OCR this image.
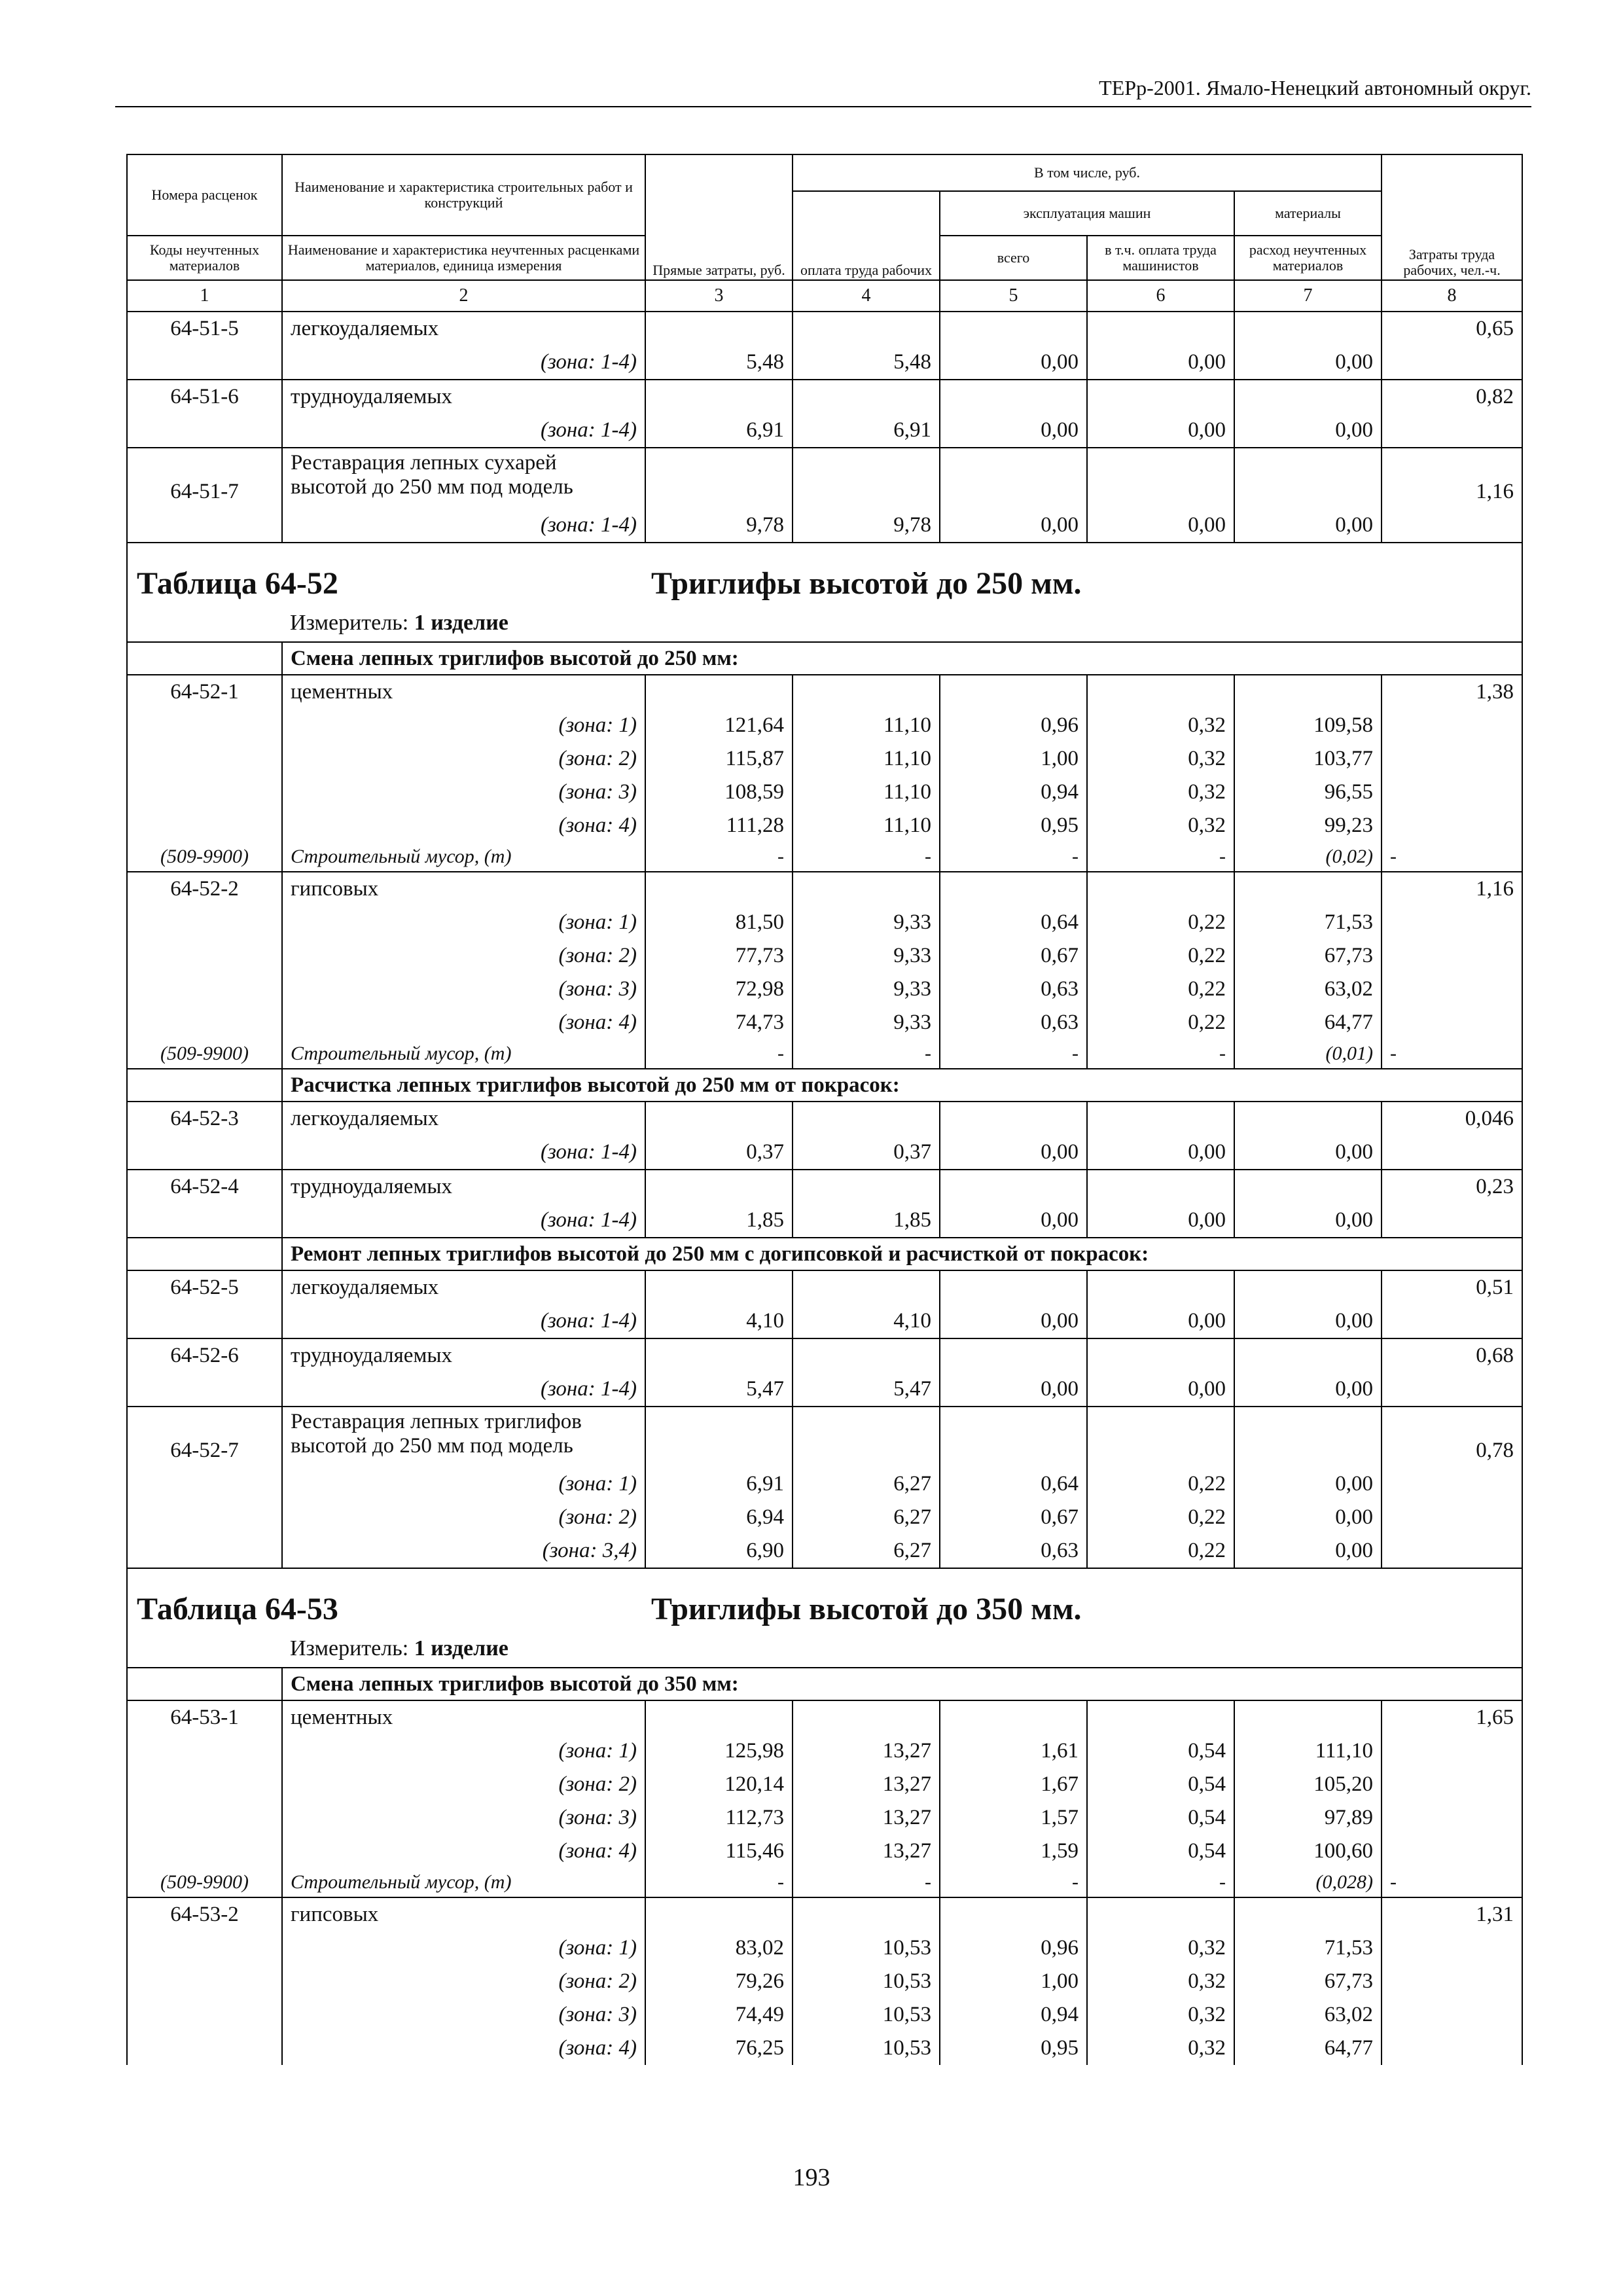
ТЕРр-2001. Ямало-Ненецкий автономный округ.
Номера расценок	Наименование и характеристика строительных работ и конструкций	Прямые затраты, руб.	В том числе, руб.				Затраты труда рабочих, чел.-ч.
			оплата труда рабочих	эксплуатация машин		материалы	
Коды неучтенных материалов	Наименование и характеристика неучтенных расценками материалов, единица измерения			всего	в т.ч. оплата труда машинистов	расход неучтенных материалов	
1	2	3	4	5	6	7	8
64-51-5	легкоудаляемых						0,65
	(зона: 1-4)	5,48	5,48	0,00	0,00	0,00	
64-51-6	трудноудаляемых						0,82
	(зона: 1-4)	6,91	6,91	0,00	0,00	0,00	
64-51-7	Реставрация лепных сухарей высотой до 250 мм под модель						1,16
	(зона: 1-4)	9,78	9,78	0,00	0,00	0,00	

Таблица 64-52 Триглифы высотой до 250 мм.
Измеритель: 1 изделие							

	Смена лепных триглифов высотой до 250 мм:						
64-52-1	цементных						1,38
	(зона: 1)	121,64	11,10	0,96	0,32	109,58	
	(зона: 2)	115,87	11,10	1,00	0,32	103,77	
	(зона: 3)	108,59	11,10	0,94	0,32	96,55	
	(зона: 4)	111,28	11,10	0,95	0,32	99,23	
(509-9900)	Строительный мусор, (т)	-	-	-	-	(0,02)	-
64-52-2	гипсовых						1,16
	(зона: 1)	81,50	9,33	0,64	0,22	71,53	
	(зона: 2)	77,73	9,33	0,67	0,22	67,73	
	(зона: 3)	72,98	9,33	0,63	0,22	63,02	
	(зона: 4)	74,73	9,33	0,63	0,22	64,77	
(509-9900)	Строительный мусор, (т)	-	-	-	-	(0,01)	-
	Расчистка лепных триглифов высотой до 250 мм от покрасок:						
64-52-3	легкоудаляемых						0,046
	(зона: 1-4)	0,37	0,37	0,00	0,00	0,00	
64-52-4	трудноудаляемых						0,23
	(зона: 1-4)	1,85	1,85	0,00	0,00	0,00	
	Ремонт лепных триглифов высотой до 250 мм с догипсовкой и расчисткой от покрасок:						
64-52-5	легкоудаляемых						0,51
	(зона: 1-4)	4,10	4,10	0,00	0,00	0,00	
64-52-6	трудноудаляемых						0,68
	(зона: 1-4)	5,47	5,47	0,00	0,00	0,00	
64-52-7	Реставрация лепных триглифов высотой до 250 мм под модель						0,78
	(зона: 1)	6,91	6,27	0,64	0,22	0,00	
	(зона: 2)	6,94	6,27	0,67	0,22	0,00	
	(зона: 3,4)	6,90	6,27	0,63	0,22	0,00	

Таблица 64-53 Триглифы высотой до 350 мм.
Измеритель: 1 изделие							

	Смена лепных триглифов высотой до 350 мм:						
64-53-1	цементных						1,65
	(зона: 1)	125,98	13,27	1,61	0,54	111,10	
	(зона: 2)	120,14	13,27	1,67	0,54	105,20	
	(зона: 3)	112,73	13,27	1,57	0,54	97,89	
	(зона: 4)	115,46	13,27	1,59	0,54	100,60	
(509-9900)	Строительный мусор, (т)	-	-	-	-	(0,028)	-
64-53-2	гипсовых						1,31
	(зона: 1)	83,02	10,53	0,96	0,32	71,53	
	(зона: 2)	79,26	10,53	1,00	0,32	67,73	
	(зона: 3)	74,49	10,53	0,94	0,32	63,02	
	(зона: 4)	76,25	10,53	0,95	0,32	64,77	
193
